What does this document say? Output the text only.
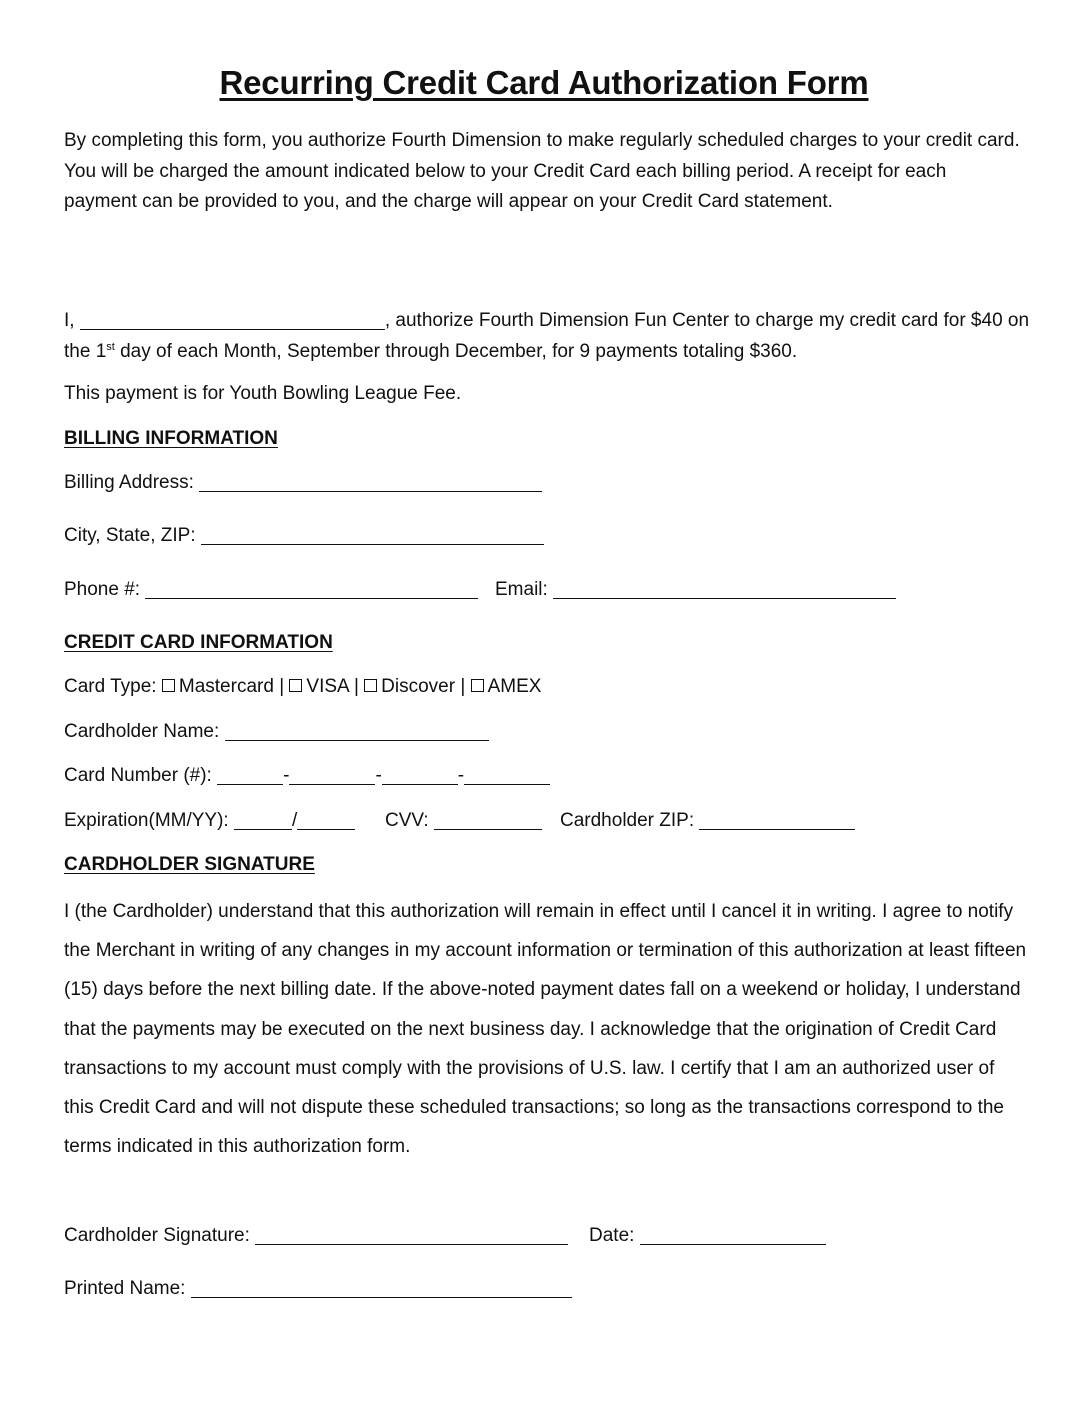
Recurring Credit Card Authorization Form
By completing this form, you authorize Fourth Dimension to make regularly scheduled charges to your credit card. You will be charged the amount indicated below to your Credit Card each billing period. A receipt for each payment can be provided to you, and the charge will appear on your Credit Card statement.
I,	, authorize Fourth Dimension Fun Center to charge my credit card for $40 on the 1st day of each Month, September through December, for 9 payments totaling $360.
This payment is for Youth Bowling League Fee.
BILLING INFORMATION
Billing Address:
City, State, ZIP:
Phone #:	Email:
CREDIT CARD INFORMATION
Card Type: Mastercard | VISA | Discover | AMEX
Cardholder Name:
Card Number (#):	-	-	-
Expiration(MM/YY):	/	CVV:	Cardholder ZIP:
CARDHOLDER SIGNATURE
I (the Cardholder) understand that this authorization will remain in effect until I cancel it in writing. I agree to notify the Merchant in writing of any changes in my account information or termination of this authorization at least fifteen (15) days before the next billing date. If the above-noted payment dates fall on a weekend or holiday, I understand that the payments may be executed on the next business day. I acknowledge that the origination of Credit Card transactions to my account must comply with the provisions of U.S. law. I certify that I am an authorized user of this Credit Card and will not dispute these scheduled transactions; so long as the transactions correspond to the terms indicated in this authorization form.
Cardholder Signature:	Date:
Printed Name:
